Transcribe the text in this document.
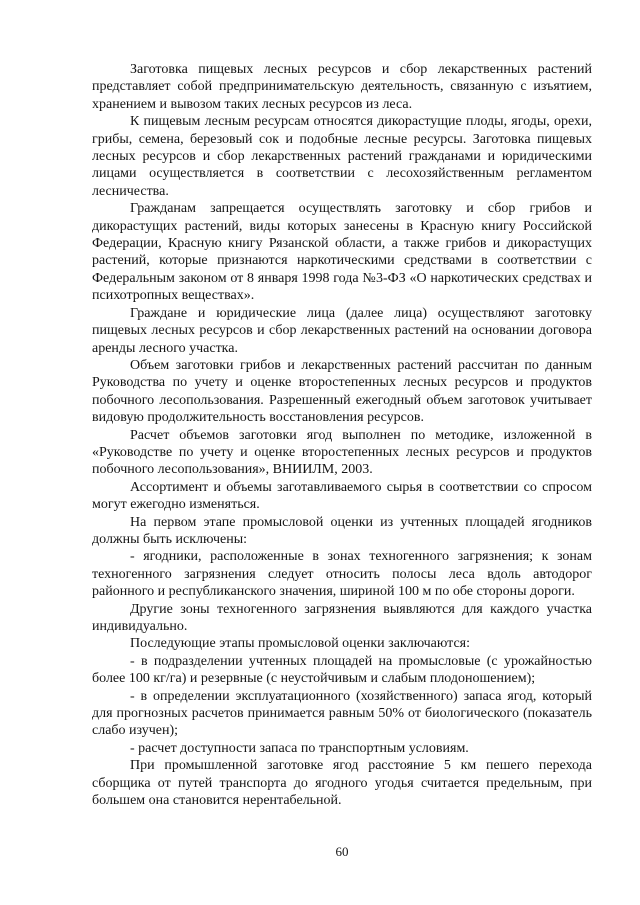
Заготовка пищевых лесных ресурсов и сбор лекарственных растений представляет собой предпринимательскую деятельность, связанную с изъятием, хранением и вывозом таких лесных ресурсов из леса.

К пищевым лесным ресурсам относятся дикорастущие плоды, ягоды, орехи, грибы, семена, березовый сок и подобные лесные ресурсы. Заготовка пищевых лесных ресурсов и сбор лекарственных растений гражданами и юридическими лицами осуществляется в соответствии с лесохозяйственным регламентом лесничества.

Гражданам запрещается осуществлять заготовку и сбор грибов и дикорастущих растений, виды которых занесены в Красную книгу Российской Федерации, Красную книгу Рязанской области, а также грибов и дикорастущих растений, которые признаются наркотическими средствами в соответствии с Федеральным законом от 8 января 1998 года №3-ФЗ «О наркотических средствах и психотропных веществах».

Граждане и юридические лица (далее лица) осуществляют заготовку пищевых лесных ресурсов и сбор лекарственных растений на основании договора аренды лесного участка.

Объем заготовки грибов и лекарственных растений рассчитан по данным Руководства по учету и оценке второстепенных лесных ресурсов и продуктов побочного лесопользования. Разрешенный ежегодный объем заготовок учитывает видовую продолжительность восстановления ресурсов.

Расчет объемов заготовки ягод выполнен по методике, изложенной в «Руководстве по учету и оценке второстепенных лесных ресурсов и продуктов побочного лесопользования», ВНИИЛМ, 2003.

Ассортимент и объемы заготавливаемого сырья в соответствии со спросом могут ежегодно изменяться.

На первом этапе промысловой оценки из учтенных площадей ягодников должны быть исключены:

- ягодники, расположенные в зонах техногенного загрязнения; к зонам техногенного загрязнения следует относить полосы леса вдоль автодорог районного и республиканского значения, шириной 100 м по обе стороны дороги.

Другие зоны техногенного загрязнения выявляются для каждого участка индивидуально.

Последующие этапы промысловой оценки заключаются:

- в подразделении учтенных площадей на промысловые (с урожайностью более 100 кг/га) и резервные (с неустойчивым и слабым плодоношением);

- в определении эксплуатационного (хозяйственного) запаса ягод, который для прогнозных расчетов принимается равным 50% от биологического (показатель слабо изучен);

- расчет доступности запаса по транспортным условиям.

При промышленной заготовке ягод расстояние 5 км пешего перехода сборщика от путей транспорта до ягодного угодья считается предельным, при большем она становится нерентабельной.

60
